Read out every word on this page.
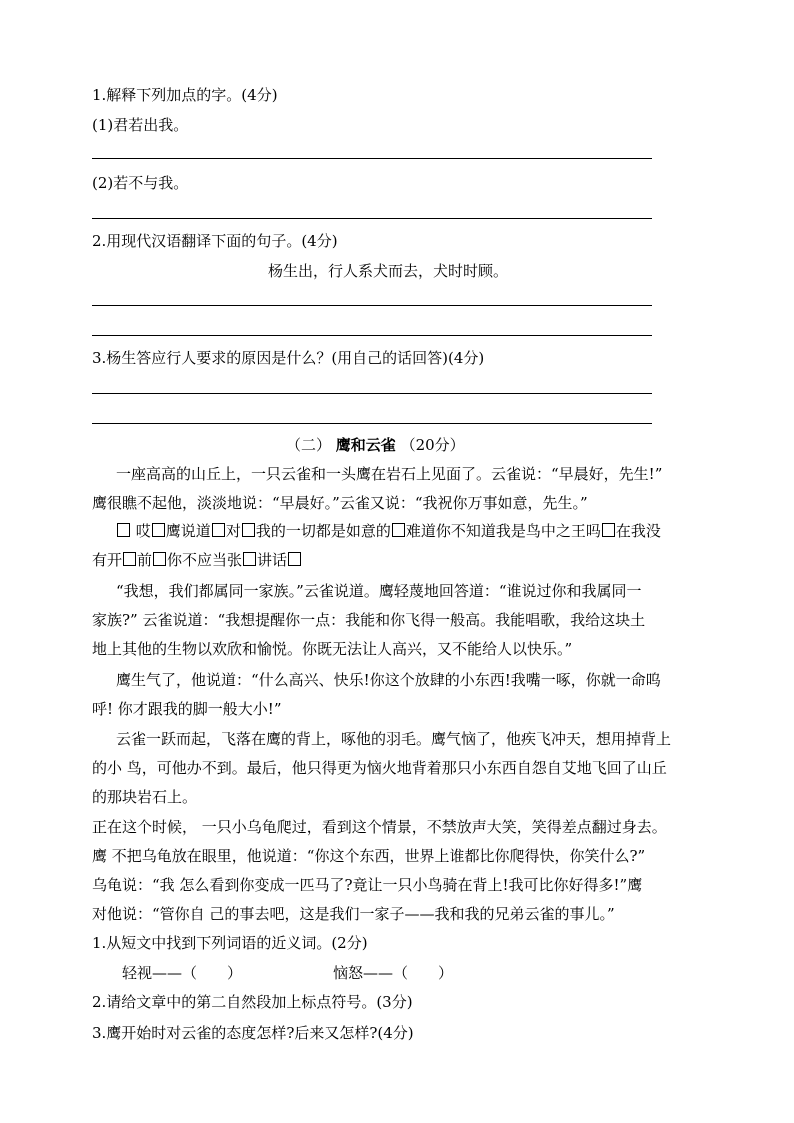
1.解释下列加点的字。(4分)
(1)君若出我。
(2)若不与我。
2.用现代汉语翻译下面的句子。(4分)
杨生出，行人系犬而去，犬时时顾。
3.杨生答应行人要求的原因是什么？(用自己的话回答)(4分)
（二） 鹰和云雀 （20分）
一座高高的山丘上，一只云雀和一头鹰在岩石上见面了。云雀说：“早晨好，先生!”
鹰很瞧不起他，淡淡地说：“早晨好。”云雀又说：“我祝你万事如意，先生。”
哎 鹰说道 对 我的一切都是如意的 难道你不知道我是鸟中之王吗 在我没
有开 前 你不应当张 讲话
“我想，我们都属同一家族。”云雀说道。鹰轻蔑地回答道：“谁说过你和我属同一
家族?” 云雀说道：“我想提醒你一点：我能和你飞得一般高。我能唱歌，我给这块土
地上其他的生物以欢欣和愉悦。你既无法让人高兴，又不能给人以快乐。”
鹰生气了，他说道：“什么高兴、快乐!你这个放肆的小东西!我嘴一啄，你就一命呜
呼! 你才跟我的脚一般大小!”
云雀一跃而起，飞落在鹰的背上，啄他的羽毛。鹰气恼了，他疾飞冲天，想用掉背上
的小 鸟，可他办不到。最后，他只得更为恼火地背着那只小东西自怨自艾地飞回了山丘
的那块岩石上。
正在这个时候， 一只小乌龟爬过，看到这个情景，不禁放声大笑，笑得差点翻过身去。
鹰 不把乌龟放在眼里，他说道：“你这个东西，世界上谁都比你爬得快，你笑什么?”
乌龟说：“我 怎么看到你变成一匹马了?竟让一只小鸟骑在背上!我可比你好得多!”鹰
对他说：“管你自 己的事去吧，这是我们一家子——我和我的兄弟云雀的事儿。”
1.从短文中找到下列词语的近义词。(2分)
轻视——（　　）	恼怒——（　　）
2.请给文章中的第二自然段加上标点符号。(3分)
3.鹰开始时对云雀的态度怎样?后来又怎样?(4分)
